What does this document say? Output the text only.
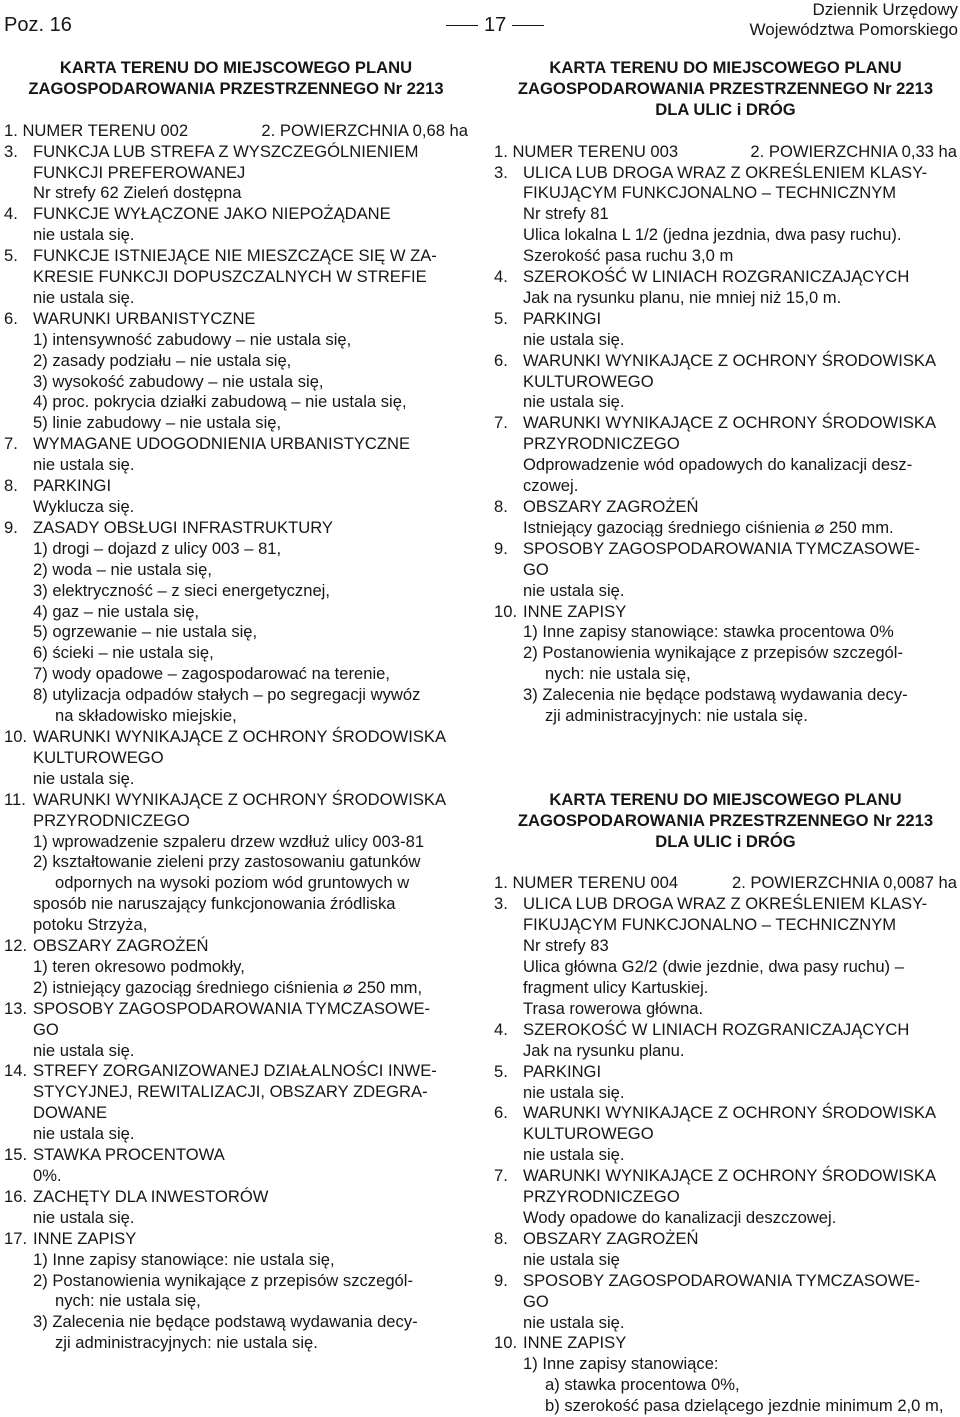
Poz. 16	17
Dziennik Urzędowy
Województwa Pomorskiego
KARTA TERENU DO MIEJSCOWEGO PLANU
ZAGOSPODAROWANIA PRZESTRZENNEGO Nr 2213
1. NUMER TERENU 002	2. POWIERZCHNIA 0,68 ha
3. FUNKCJA LUB STREFA Z WYSZCZEGÓLNIENIEM
FUNKCJI PREFEROWANEJ
Nr strefy 62 Zieleń dostępna
4. FUNKCJE WYŁĄCZONE JAKO NIEPOŻĄDANE
nie ustala się.
5. FUNKCJE ISTNIEJĄCE NIE MIESZCZĄCE SIĘ W ZA-
KRESIE FUNKCJI DOPUSZCZALNYCH W STREFIE
nie ustala się.
6. WARUNKI URBANISTYCZNE
1) intensywność zabudowy – nie ustala się,
2) zasady podziału – nie ustala się,
3) wysokość zabudowy – nie ustala się,
4) proc. pokrycia działki zabudową – nie ustala się,
5) linie zabudowy – nie ustala się,
7. WYMAGANE UDOGODNIENIA URBANISTYCZNE
nie ustala się.
8. PARKINGI
Wyklucza się.
9. ZASADY OBSŁUGI INFRASTRUKTURY
1) drogi – dojazd z ulicy 003 – 81,
2) woda – nie ustala się,
3) elektryczność – z sieci energetycznej,
4) gaz – nie ustala się,
5) ogrzewanie – nie ustala się,
6) ścieki – nie ustala się,
7) wody opadowe – zagospodarować na terenie,
8) utylizacja odpadów stałych – po segregacji wywóz
na składowisko miejskie,
10. WARUNKI WYNIKAJĄCE Z OCHRONY ŚRODOWISKA
KULTUROWEGO
nie ustala się.
11. WARUNKI WYNIKAJĄCE Z OCHRONY ŚRODOWISKA
PRZYRODNICZEGO
1) wprowadzenie szpaleru drzew wzdłuż ulicy 003-81
2) kształtowanie zieleni przy zastosowaniu gatunków
odpornych na wysoki poziom wód gruntowych w
sposób nie naruszający funkcjonowania źródliska
potoku Strzyża,
12. OBSZARY ZAGROŻEŃ
1) teren okresowo podmokły,
2) istniejący gazociąg średniego ciśnienia ⌀ 250 mm,
13. SPOSOBY ZAGOSPODAROWANIA TYMCZASOWE-
GO
nie ustala się.
14. STREFY ZORGANIZOWANEJ DZIAŁALNOŚCI INWE-
STYCYJNEJ, REWITALIZACJI, OBSZARY ZDEGRA-
DOWANE
nie ustala się.
15. STAWKA PROCENTOWA
0%.
16. ZACHĘTY DLA INWESTORÓW
nie ustala się.
17. INNE ZAPISY
1) Inne zapisy stanowiące: nie ustala się,
2) Postanowienia wynikające z przepisów szczegól-
nych: nie ustala się,
3) Zalecenia nie będące podstawą wydawania decy-
zji administracyjnych: nie ustala się.
KARTA TERENU DO MIEJSCOWEGO PLANU
ZAGOSPODAROWANIA PRZESTRZENNEGO Nr 2213
DLA ULIC i DRÓG
1. NUMER TERENU 003	2. POWIERZCHNIA 0,33 ha
3. ULICA LUB DROGA WRAZ Z OKREŚLENIEM KLASY-
FIKUJĄCYM FUNKCJONALNO – TECHNICZNYM
Nr strefy 81
Ulica lokalna L 1/2 (jedna jezdnia, dwa pasy ruchu).
Szerokość pasa ruchu 3,0 m
4. SZEROKOŚĆ W LINIACH ROZGRANICZAJĄCYCH
Jak na rysunku planu, nie mniej niż 15,0 m.
5. PARKINGI
nie ustala się.
6. WARUNKI WYNIKAJĄCE Z OCHRONY ŚRODOWISKA
KULTUROWEGO
nie ustala się.
7. WARUNKI WYNIKAJĄCE Z OCHRONY ŚRODOWISKA
PRZYRODNICZEGO
Odprowadzenie wód opadowych do kanalizacji desz-
czowej.
8. OBSZARY ZAGROŻEŃ
Istniejący gazociąg średniego ciśnienia ⌀ 250 mm.
9. SPOSOBY ZAGOSPODAROWANIA TYMCZASOWE-
GO
nie ustala się.
10. INNE ZAPISY
1) Inne zapisy stanowiące: stawka procentowa 0%
2) Postanowienia wynikające z przepisów szczegól-
nych: nie ustala się,
3) Zalecenia nie będące podstawą wydawania decy-
zji administracyjnych: nie ustala się.
KARTA TERENU DO MIEJSCOWEGO PLANU
ZAGOSPODAROWANIA PRZESTRZENNEGO Nr 2213
DLA ULIC i DRÓG
1. NUMER TERENU 004	2. POWIERZCHNIA 0,0087 ha
3. ULICA LUB DROGA WRAZ Z OKREŚLENIEM KLASY-
FIKUJĄCYM FUNKCJONALNO – TECHNICZNYM
Nr strefy 83
Ulica główna G2/2 (dwie jezdnie, dwa pasy ruchu) –
fragment ulicy Kartuskiej.
Trasa rowerowa główna.
4. SZEROKOŚĆ W LINIACH ROZGRANICZAJĄCYCH
Jak na rysunku planu.
5. PARKINGI
nie ustala się.
6. WARUNKI WYNIKAJĄCE Z OCHRONY ŚRODOWISKA
KULTUROWEGO
nie ustala się.
7. WARUNKI WYNIKAJĄCE Z OCHRONY ŚRODOWISKA
PRZYRODNICZEGO
Wody opadowe do kanalizacji deszczowej.
8. OBSZARY ZAGROŻEŃ
nie ustala się
9. SPOSOBY ZAGOSPODAROWANIA TYMCZASOWE-
GO
nie ustala się.
10. INNE ZAPISY
1) Inne zapisy stanowiące:
a) stawka procentowa 0%,
b) szerokość pasa dzielącego jezdnie minimum 2,0 m,
